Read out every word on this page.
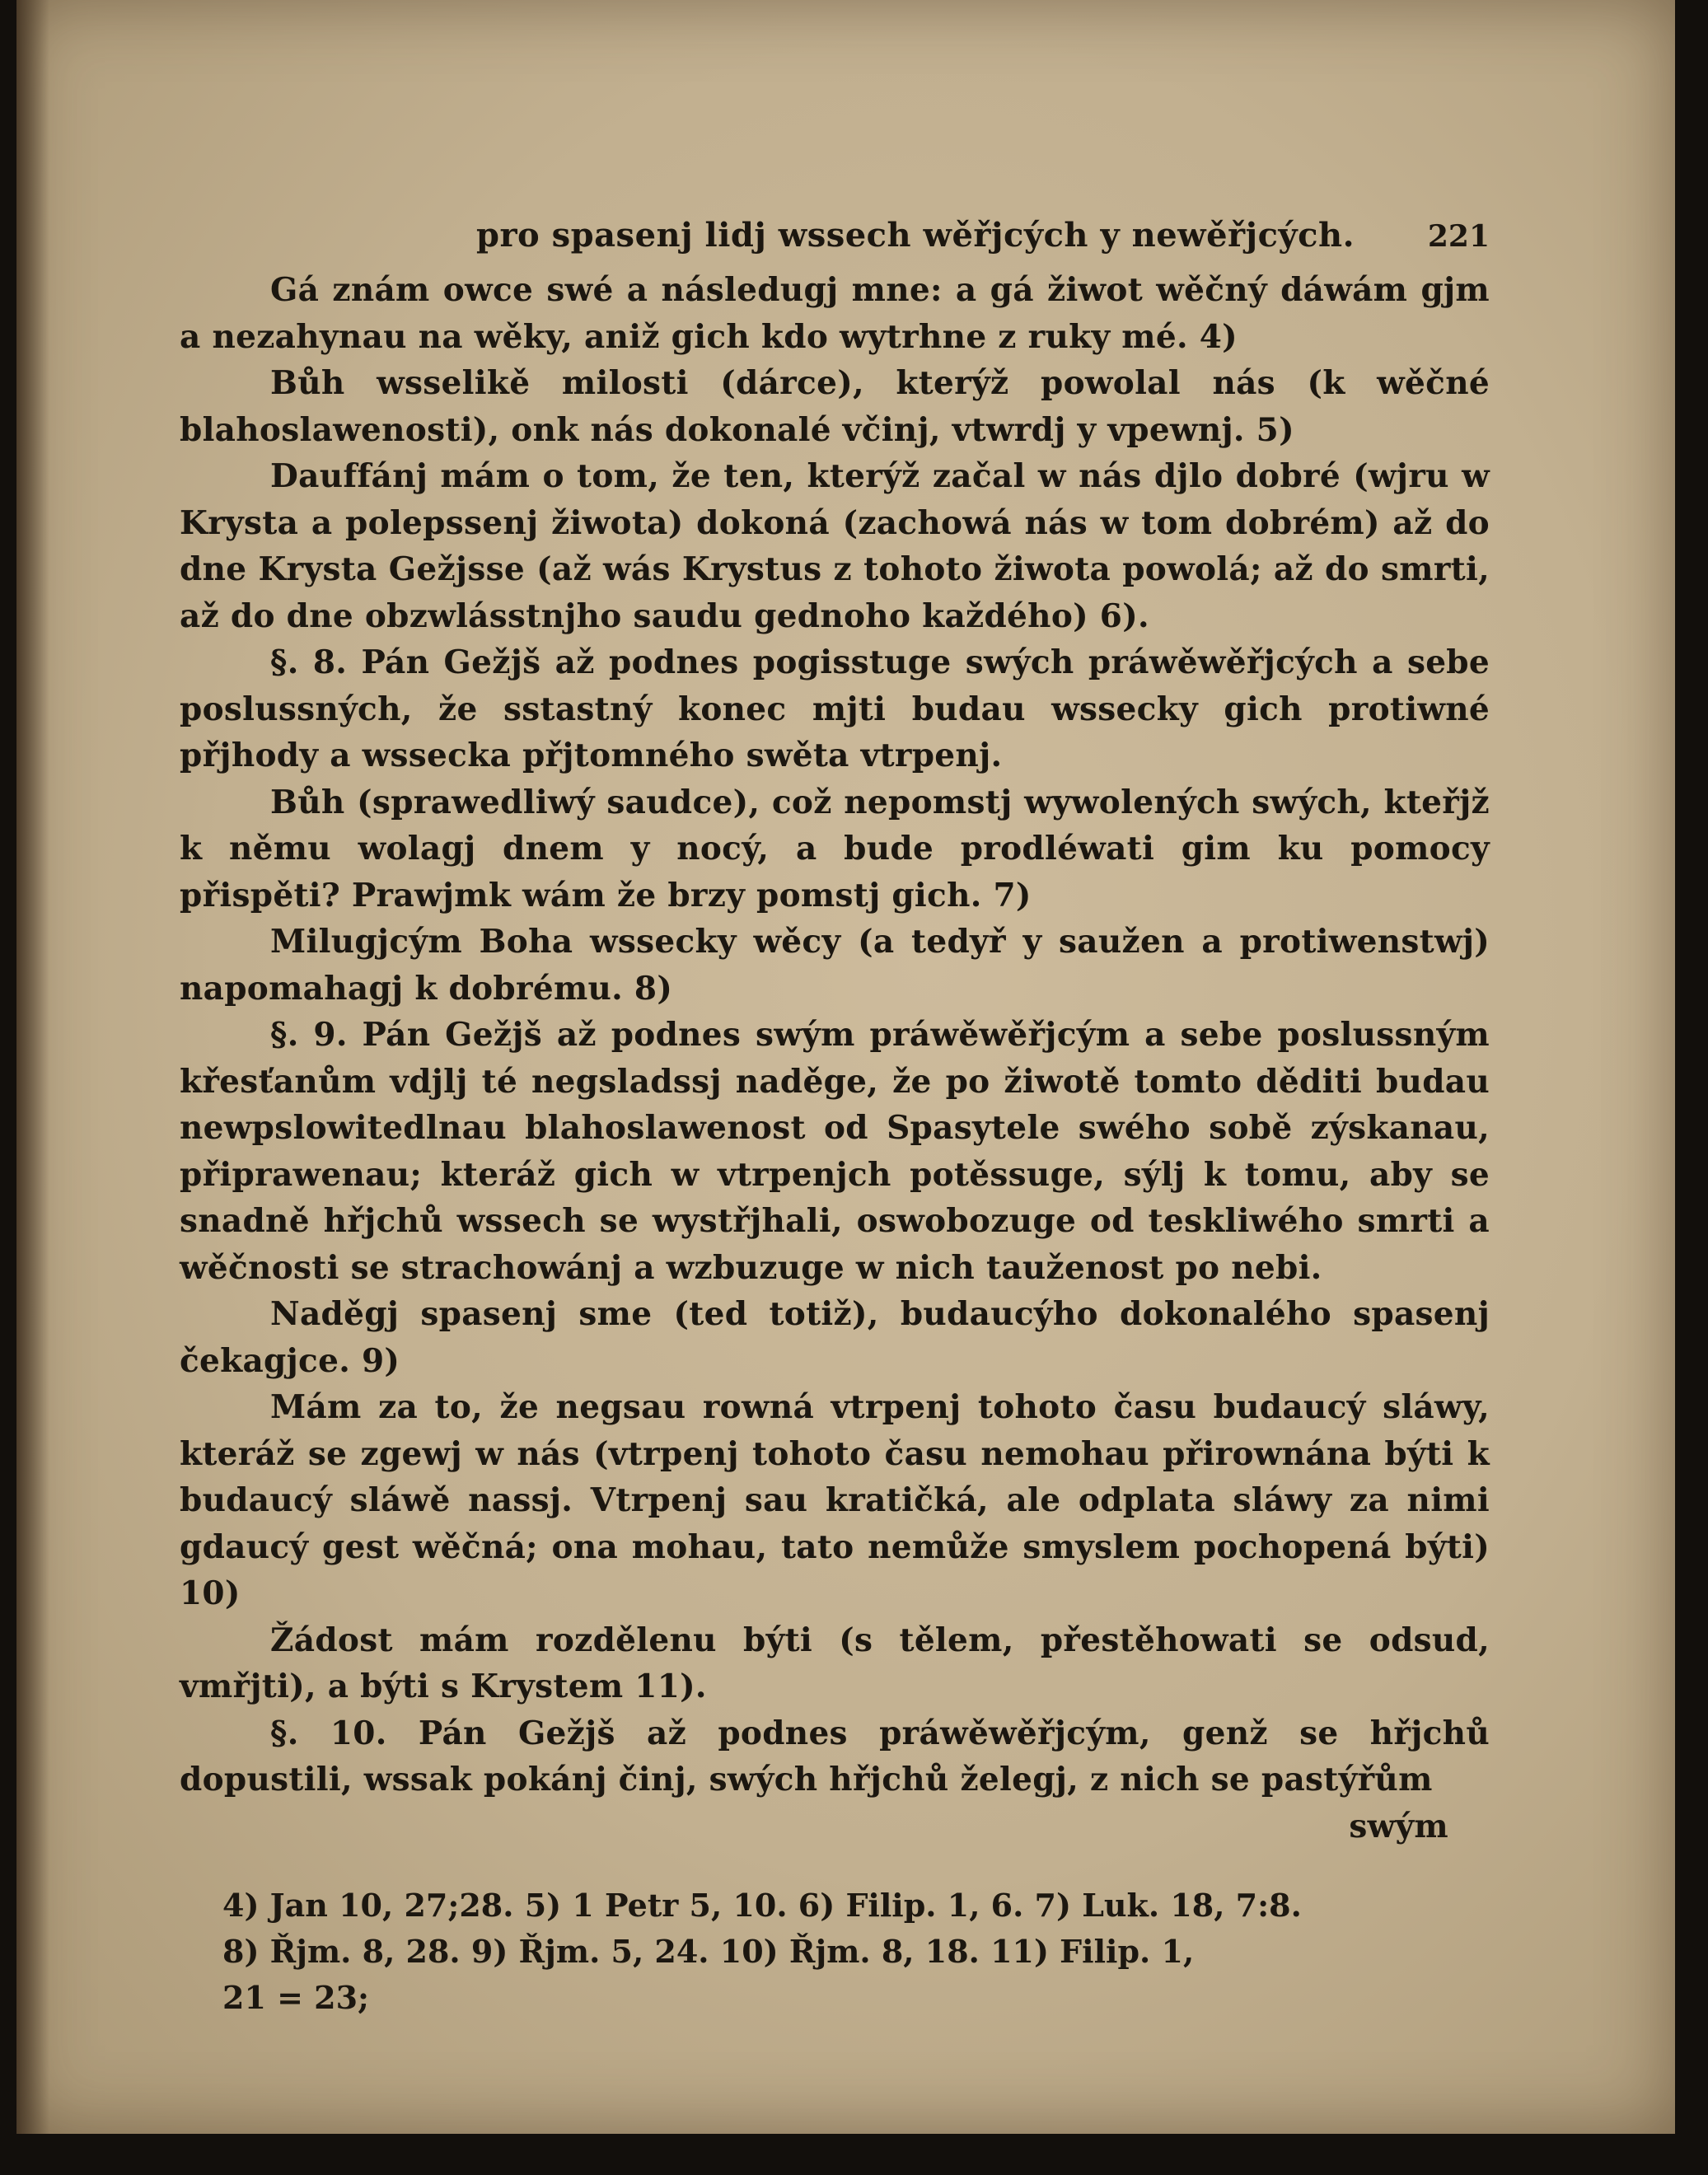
pro spasenj lidj wssech wěřjcých y newěřjcých. 221

Gá znám owce swé a následugj mne: a gá žiwot wěčný dáwám gjm a nezahynau na wěky, aniž gich kdo wytrhne z ruky mé. 4)

Bůh wsselikě milosti (dárce), kterýž powolal nás (k wěčné blahoslawenosti), onk nás dokonalé včinj, vtwrdj y vpewnj. 5)

Dauffánj mám o tom, že ten, kterýž začal w nás djlo dobré (wjru w Krysta a polepssenj žiwota) dokoná (zachowá nás w tom dobrém) až do dne Krysta Gežjsse (až wás Krystus z tohoto žiwota powolá; až do smrti, až do dne obzwlásstnjho saudu gednoho každého) 6).

§. 8. Pán Gežjš až podnes pogisstuge swých práwěwěřjcých a sebe poslussných, že sstastný konec mjti budau wssecky gich protiwné přjhody a wssecka přjtomného swěta vtrpenj.

Bůh (sprawedliwý saudce), což nepomstj wywolených swých, kteřjž k němu wolagj dnem y nocý, a bude prodléwati gim ku pomocy přispěti? Prawjmk wám že brzy pomstj gich. 7)

Milugjcým Boha wssecky wěcy (a tedyř y saužen a protiwenstwj) napomahagj k dobrému. 8)

§. 9. Pán Gežjš až podnes swým práwěwěřjcým a sebe poslussným křesťanům vdjlj té negsladssj naděge, že po žiwotě tomto děditi budau newpslowitedlnau blahoslawenost od Spasytele swého sobě zýskanau, připrawenau; kteráž gich w vtrpenjch potěssuge, sýlj k tomu, aby se snadně hřjchů wssech se wystřjhali, oswobozuge od teskliwého smrti a wěčnosti se strachowánj a wzbuzuge w nich tauženost po nebi.

Naděgj spasenj sme (ted totiž), budaucýho dokonalého spasenj čekagjce. 9)

Mám za to, že negsau rowná vtrpenj tohoto času budaucý sláwy, kteráž se zgewj w nás (vtrpenj tohoto času nemohau přirownána býti k budaucý sláwě nassj. Vtrpenj sau kratičká, ale odplata sláwy za nimi gdaucý gest wěčná; ona mohau, tato nemůže smyslem pochopená býti) 10)

Žádost mám rozdělenu býti (s tělem, přestěhowati se odsud, vmřjti), a býti s Krystem 11).

§. 10. Pán Gežjš až podnes práwěwěřjcým, genž se hřjchů dopustili, wssak pokánj činj, swých hřjchů želegj, z nich se pastýřům

swým

4) Jan 10, 27;28. 5) 1 Petr 5, 10. 6) Filip. 1, 6. 7) Luk. 18, 7:8.
8) Řjm. 8, 28. 9) Řjm. 5, 24. 10) Řjm. 8, 18. 11) Filip. 1,
21 = 23;
